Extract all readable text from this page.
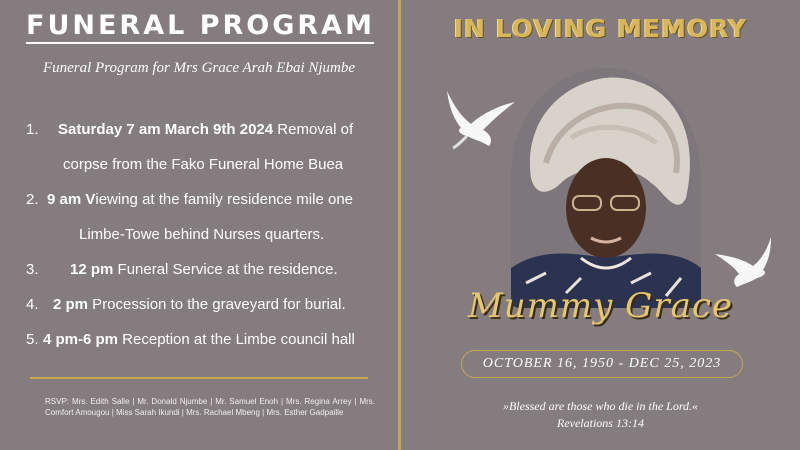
FUNERAL PROGRAM
Funeral Program for Mrs Grace Arah Ebai Njumbe
1. Saturday 7 am March 9th 2024 Removal of
corpse from the Fako Funeral Home Buea
2. 9 am Viewing at the family residence mile one
Limbe-Towe behind Nurses quarters.
3. 12 pm Funeral Service at the residence.
4. 2 pm Procession to the graveyard for burial.
5. 4 pm-6 pm Reception at the Limbe council hall
RSVP: Mrs. Edith Salle | Mr. Donald Njumbe | Mr. Samuel Enoh | Mrs. Regina Arrey | Mrs. Comfort Amougou | Miss Sarah Ikundi | Mrs. Rachael Mbeng | Mrs. Esther Gadpaille
IN LOVING MEMORY
Mummy Grace
OCTOBER 16, 1950 - DEC 25, 2023
»Blessed are those who die in the Lord.«
Revelations 13:14
